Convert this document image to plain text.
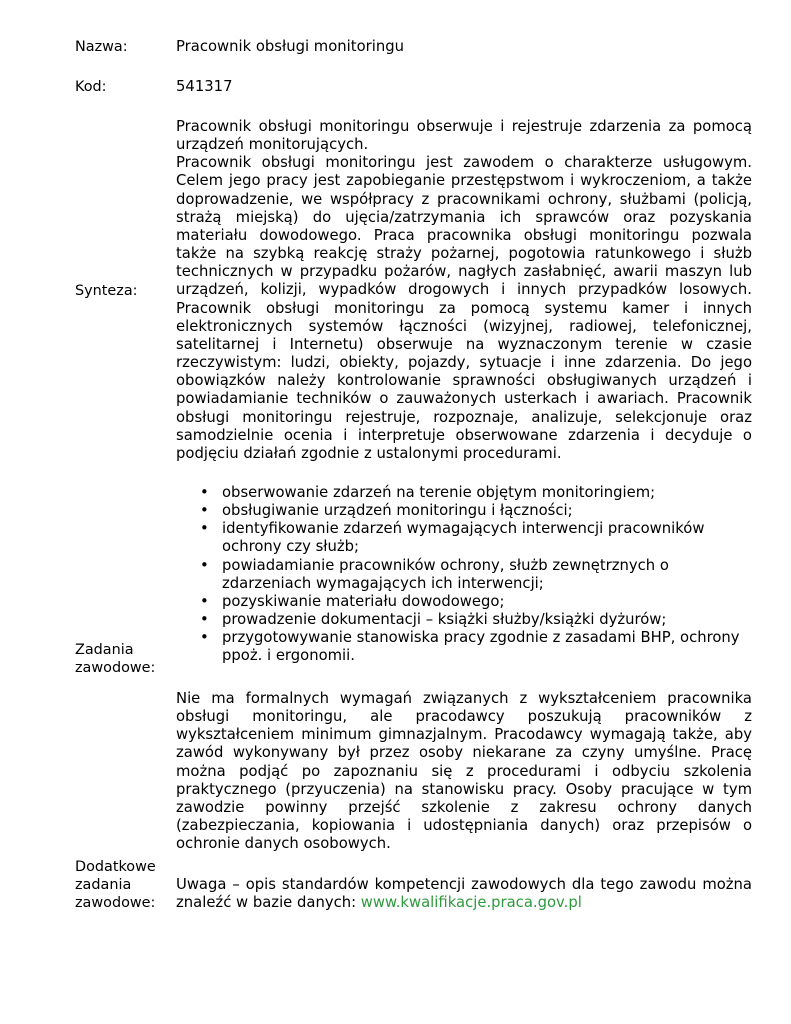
Nazwa:	Pracownik obsługi monitoringu
Kod:	541317
Synteza:

Pracownik obsługi monitoringu obserwuje i rejestruje zdarzenia za pomocą urządzeń monitorujących.

Pracownik obsługi monitoringu jest zawodem o charakterze usługowym. Celem jego pracy jest zapobieganie przestępstwom i wykroczeniom, a także doprowadzenie, we współpracy z pracownikami ochrony, służbami (policją, strażą miejską) do ujęcia/zatrzymania ich sprawców oraz pozyskania materiału dowodowego. Praca pracownika obsługi monitoringu pozwala także na szybką reakcję straży pożarnej, pogotowia ratunkowego i służb technicznych w przypadku pożarów, nagłych zasłabnięć, awarii maszyn lub urządzeń, kolizji, wypadków drogowych i innych przypadków losowych. Pracownik obsługi monitoringu za pomocą systemu kamer i innych elektronicznych systemów łączności (wizyjnej, radiowej, telefonicznej, satelitarnej i Internetu) obserwuje na wyznaczonym terenie w czasie rzeczywistym: ludzi, obiekty, pojazdy, sytuacje i inne zdarzenia. Do jego obowiązków należy kontrolowanie sprawności obsługiwanych urządzeń i powiadamianie techników o zauważonych usterkach i awariach. Pracownik obsługi monitoringu rejestruje, rozpoznaje, analizuje, selekcjonuje oraz samodzielnie ocenia i interpretuje obserwowane zdarzenia i decyduje o podjęciu działań zgodnie z ustalonymi procedurami.

Zadania
zawodowe:
• obserwowanie zdarzeń na terenie objętym monitoringiem;
• obsługiwanie urządzeń monitoringu i łączności;
• identyfikowanie zdarzeń wymagających interwencji pracowników ochrony czy służb;
• powiadamianie pracowników ochrony, służb zewnętrznych o zdarzeniach wymagających ich interwencji;
• pozyskiwanie materiału dowodowego;
• prowadzenie dokumentacji – książki służby/książki dyżurów;
• przygotowywanie stanowiska pracy zgodnie z zasadami BHP, ochrony ppoż. i ergonomii.
Dodatkowe
zadania
zawodowe:

Nie ma formalnych wymagań związanych z wykształceniem pracownika obsługi monitoringu, ale pracodawcy poszukują pracowników z wykształceniem minimum gimnazjalnym. Pracodawcy wymagają także, aby zawód wykonywany był przez osoby niekarane za czyny umyślne. Pracę można podjąć po zapoznaniu się z procedurami i odbyciu szkolenia praktycznego (przyuczenia) na stanowisku pracy. Osoby pracujące w tym zawodzie powinny przejść szkolenie z zakresu ochrony danych (zabezpieczania, kopiowania i udostępniania danych) oraz przepisów o ochronie danych osobowych.

Uwaga – opis standardów kompetencji zawodowych dla tego zawodu można znaleźć w bazie danych: www.kwalifikacje.praca.gov.pl
